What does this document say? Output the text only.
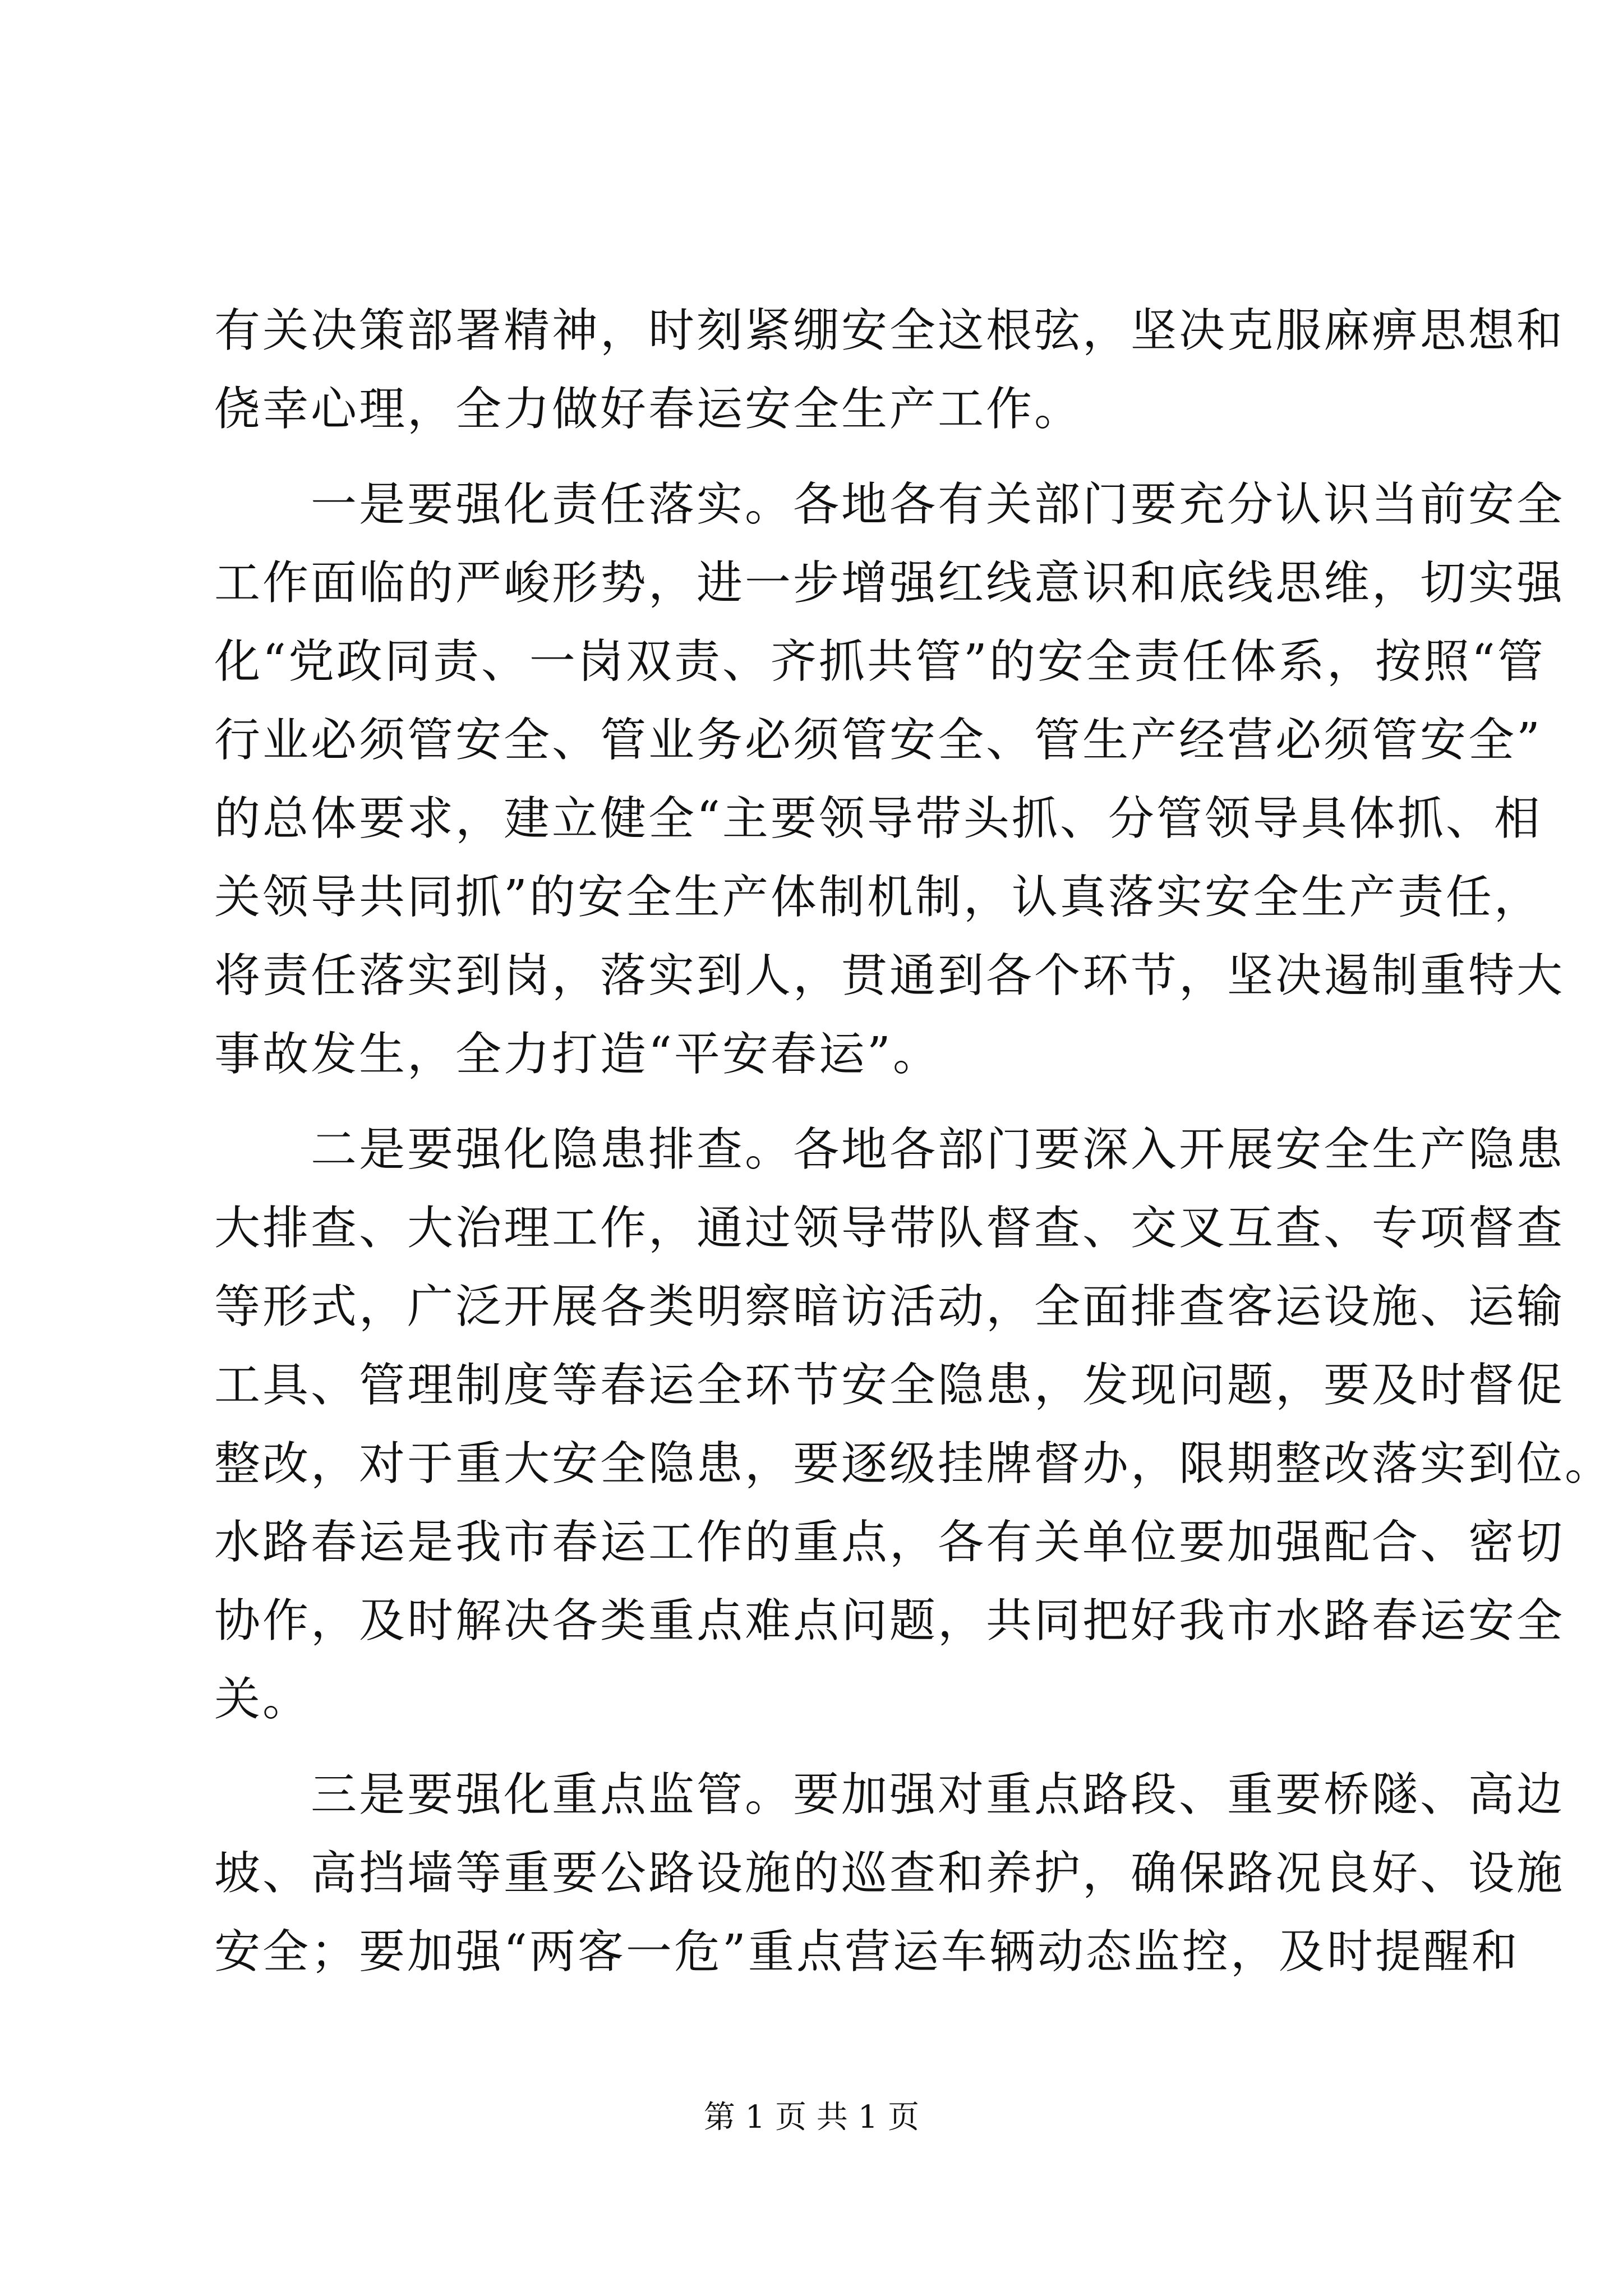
有关决策部署精神，时刻紧绷安全这根弦，坚决克服麻痹思想和
侥幸心理，全力做好春运安全生产工作。
一是要强化责任落实。各地各有关部门要充分认识当前安全
工作面临的严峻形势，进一步增强红线意识和底线思维，切实强
化“党政同责、一岗双责、齐抓共管”的安全责任体系，按照“管
行业必须管安全、管业务必须管安全、管生产经营必须管安全”
的总体要求，建立健全“主要领导带头抓、分管领导具体抓、相
关领导共同抓”的安全生产体制机制，认真落实安全生产责任，
将责任落实到岗，落实到人，贯通到各个环节，坚决遏制重特大
事故发生，全力打造“平安春运”。
二是要强化隐患排查。各地各部门要深入开展安全生产隐患
大排查、大治理工作，通过领导带队督查、交叉互查、专项督查
等形式，广泛开展各类明察暗访活动，全面排查客运设施、运输
工具、管理制度等春运全环节安全隐患，发现问题，要及时督促
整改，对于重大安全隐患，要逐级挂牌督办，限期整改落实到位。
水路春运是我市春运工作的重点，各有关单位要加强配合、密切
协作，及时解决各类重点难点问题，共同把好我市水路春运安全
关。
三是要强化重点监管。要加强对重点路段、重要桥隧、高边
坡、高挡墙等重要公路设施的巡查和养护，确保路况良好、设施
安全；要加强“两客一危”重点营运车辆动态监控，及时提醒和
第 1 页 共 1 页
